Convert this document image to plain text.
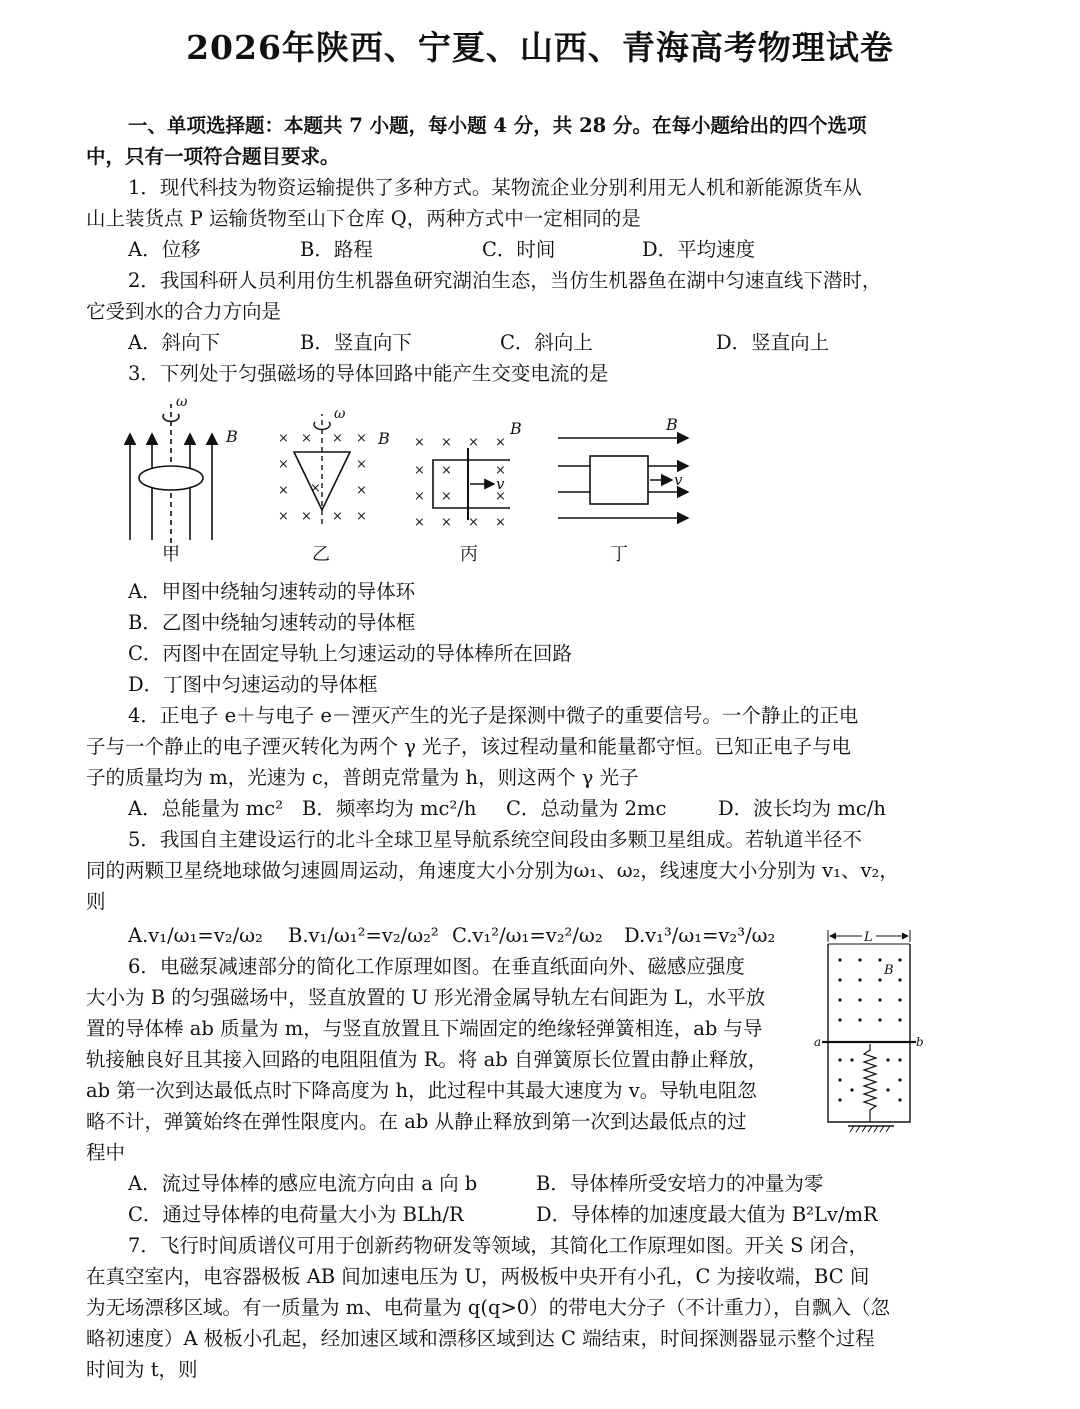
2026年陕西、宁夏、山西、青海高考物理试卷
一、单项选择题：本题共 7 小题，每小题 4 分，共 28 分。在每小题给出的四个选项
中，只有一项符合题目要求。
1．现代科技为物资运输提供了多种方式。某物流企业分别利用无人机和新能源货车从
山上装货点 P 运输货物至山下仓库 Q，两种方式中一定相同的是
A．位移	B．路程	C．时间	D．平均速度
2．我国科研人员利用仿生机器鱼研究湖泊生态，当仿生机器鱼在湖中匀速直线下潜时，
它受到水的合力方向是
A．斜向下	B．竖直向下	C．斜向上	D．竖直向上
3．下列处于匀强磁场的导体回路中能产生交变电流的是
ω
B	× × × ×
×	×
×	×
× × × ×
×
ω
B × × × ×
× ×	×
× ×	×
× × × ×
v
B
v
B
甲	乙	丙	丁
A．甲图中绕轴匀速转动的导体环
B．乙图中绕轴匀速转动的导体框
C．丙图中在固定导轨上匀速运动的导体棒所在回路
D．丁图中匀速运动的导体框
4．正电子 e＋与电子 e－湮灭产生的光子是探测中微子的重要信号。一个静止的正电
子与一个静止的电子湮灭转化为两个 γ 光子，该过程动量和能量都守恒。已知正电子与电
子的质量均为 m，光速为 c，普朗克常量为 h，则这两个 γ 光子
A．总能量为 mc² B．频率均为 mc²/h C．总动量为 2mc	D．波长均为 mc/h
5．我国自主建设运行的北斗全球卫星导航系统空间段由多颗卫星组成。若轨道半径不
同的两颗卫星绕地球做匀速圆周运动，角速度大小分别为ω₁、ω₂，线速度大小分别为 v₁、v₂，
则
A.v₁/ω₁=v₂/ω₂ B.v₁/ω₁²=v₂/ω₂² C.v₁²/ω₁=v₂²/ω₂ D.v₁³/ω₁=v₂³/ω₂
6．电磁泵减速部分的简化工作原理如图。在垂直纸面向外、磁感应强度
大小为 B 的匀强磁场中，竖直放置的 U 形光滑金属导轨左右间距为 L，水平放
置的导体棒 ab 质量为 m，与竖直放置且下端固定的绝缘轻弹簧相连，ab 与导
轨接触良好且其接入回路的电阻阻值为 R。将 ab 自弹簧原长位置由静止释放，
ab 第一次到达最低点时下降高度为 h，此过程中其最大速度为 v。导轨电阻忽
略不计，弹簧始终在弹性限度内。在 ab 从静止释放到第一次到达最低点的过
程中
L
B
a	b
A．流过导体棒的感应电流方向由 a 向 b	B．导体棒所受安培力的冲量为零
C．通过导体棒的电荷量大小为 BLh/R	D．导体棒的加速度最大值为 B²Lv/mR
7．飞行时间质谱仪可用于创新药物研发等领域，其简化工作原理如图。开关 S 闭合，
在真空室内，电容器极板 AB 间加速电压为 U，两极板中央开有小孔，C 为接收端，BC 间
为无场漂移区域。有一质量为 m、电荷量为 q(q>0）的带电大分子（不计重力），自飘入（忽
略初速度）A 极板小孔起，经加速区域和漂移区域到达 C 端结束，时间探测器显示整个过程
时间为 t，则
